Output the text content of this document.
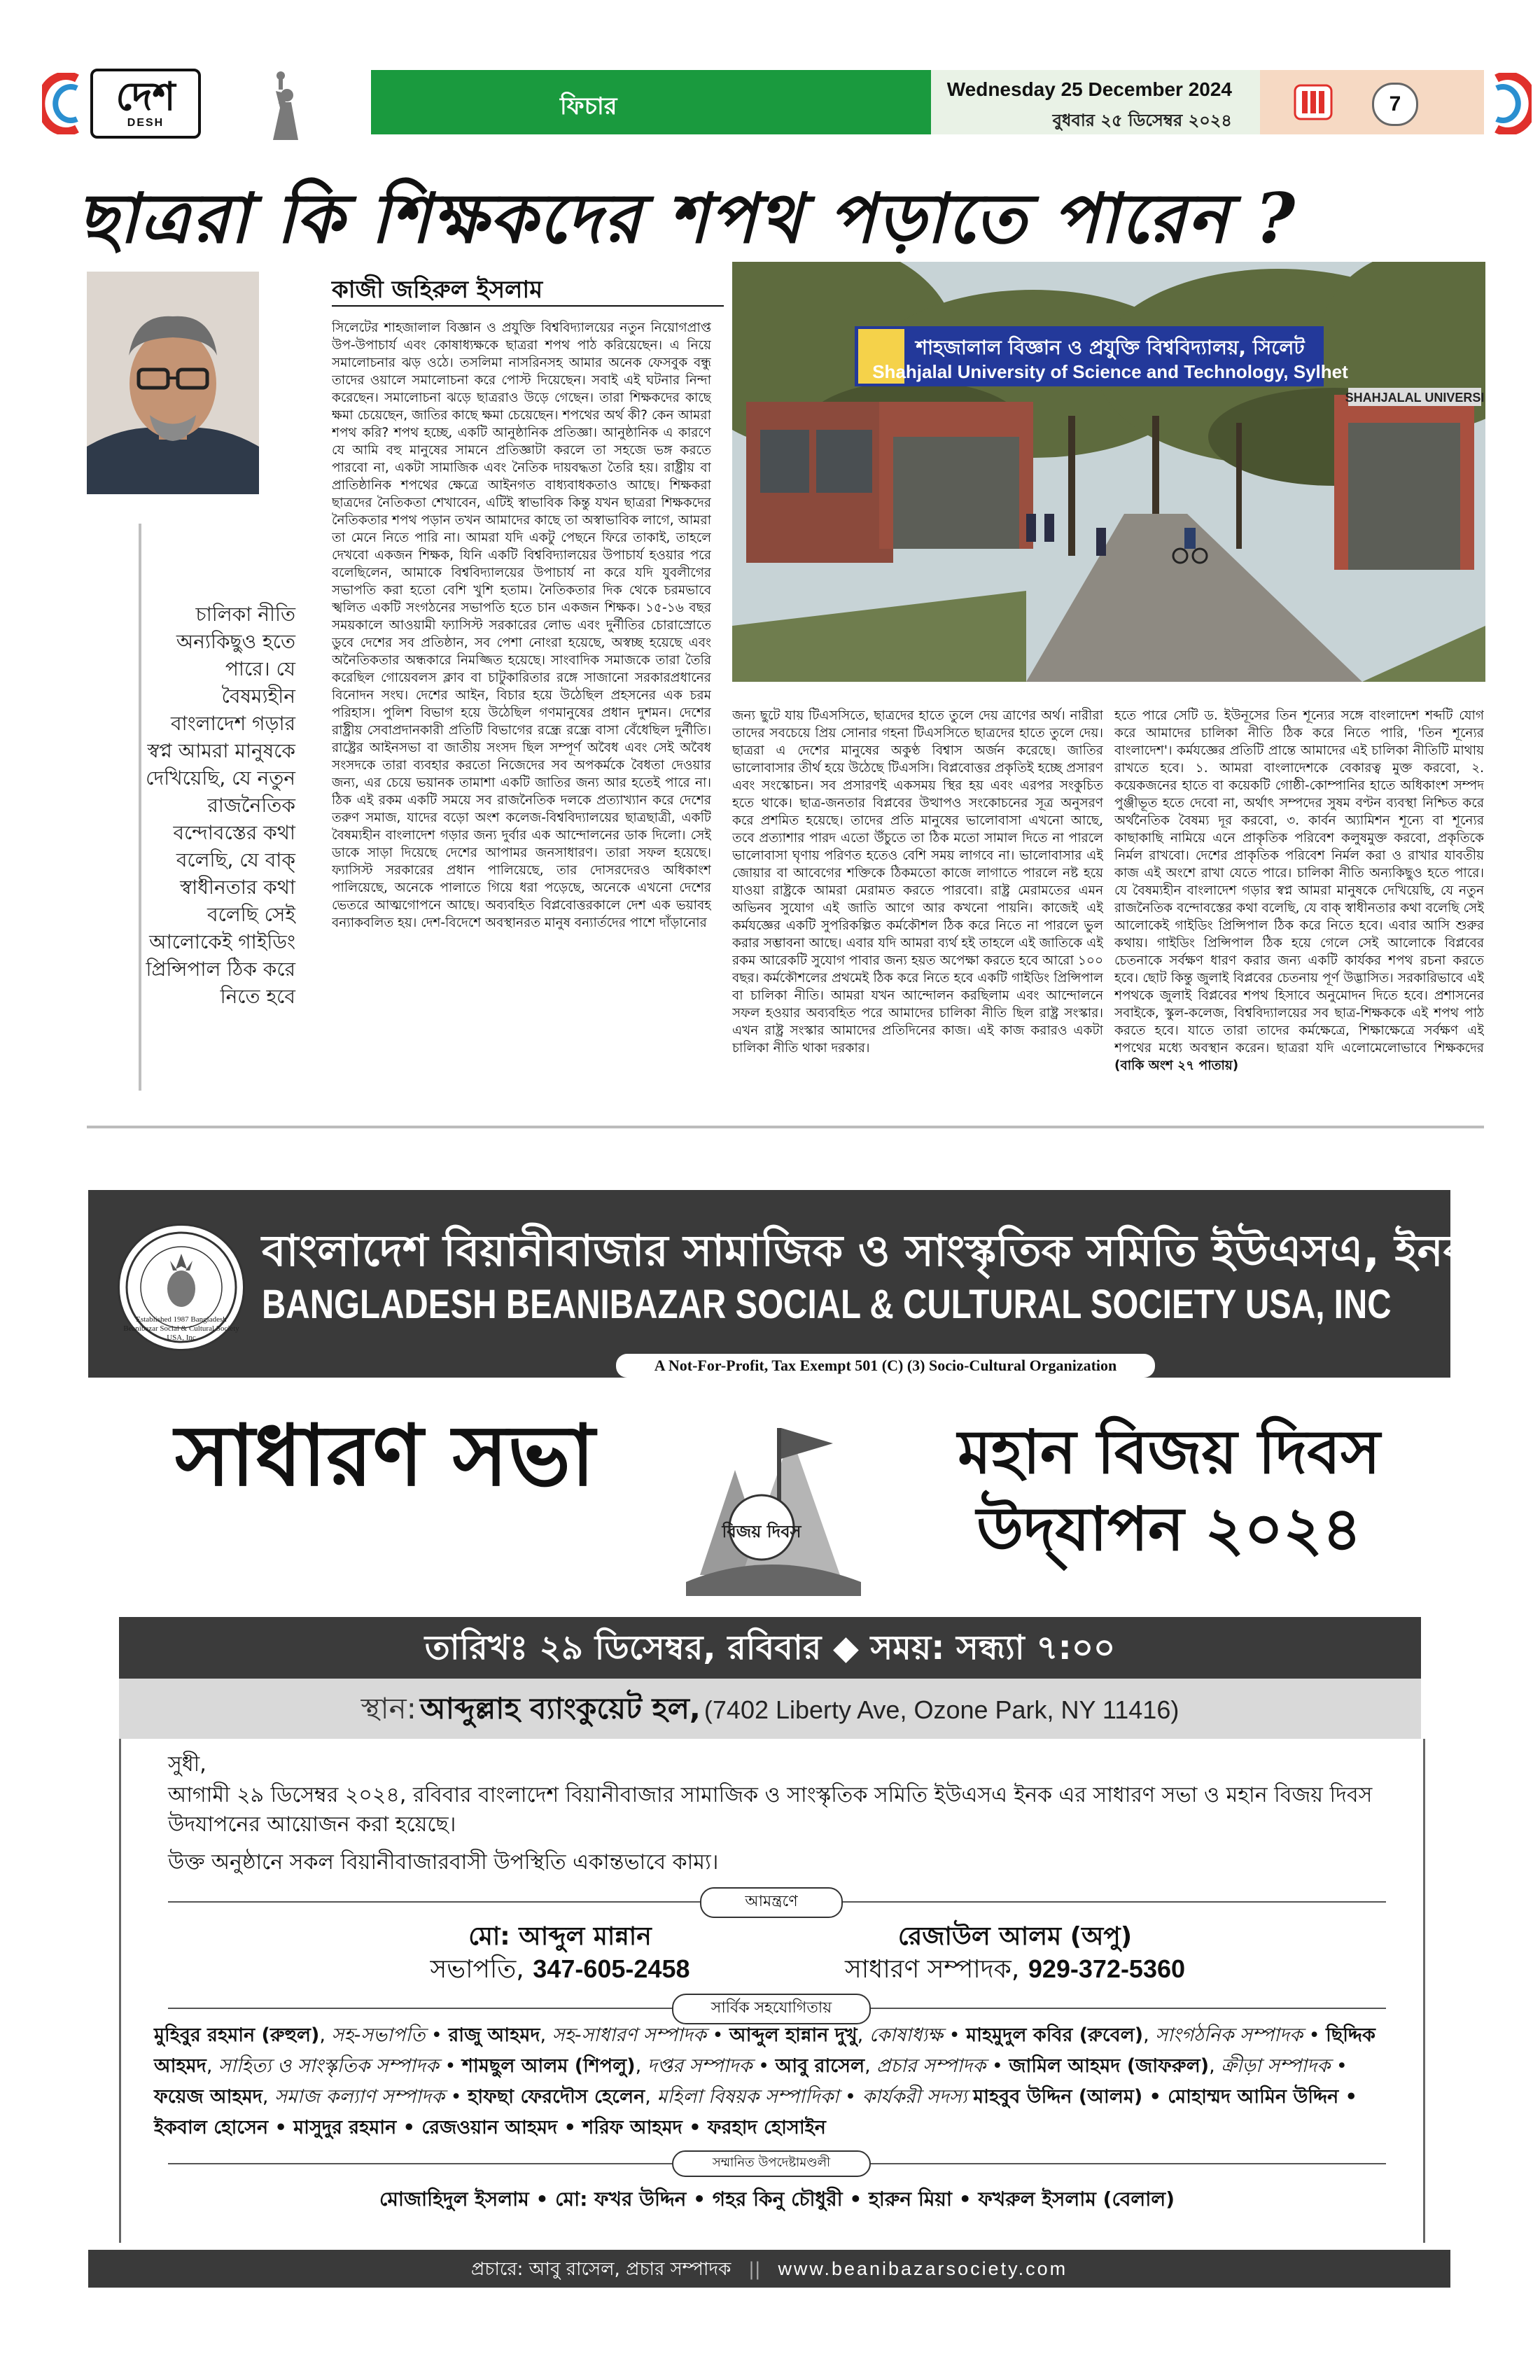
দেশ
DESH
ফিচার
Wednesday 25 December 2024
বুধবার ২৫ ডিসেম্বর ২০২৪
7
ছাত্ররা কি শিক্ষকদের শপথ পড়াতে পারেন ?
কাজী জহিরুল ইসলাম
চালিকা নীতি অন্যকিছুও হতে পারে। যে বৈষম্যহীন বাংলাদেশ গড়ার স্বপ্ন আমরা মানুষকে দেখিয়েছি, যে নতুন রাজনৈতিক বন্দোবস্তের কথা বলেছি, যে বাক্ স্বাধীনতার কথা বলেছি সেই আলোকেই গাইডিং প্রিন্সিপাল ঠিক করে নিতে হবে
সিলেটের শাহজালাল বিজ্ঞান ও প্রযুক্তি বিশ্ববিদ্যালয়ের নতুন নিয়োগপ্রাপ্ত উপ-উপাচার্য এবং কোষাধ্যক্ষকে ছাত্ররা শপথ পাঠ করিয়েছেন। এ নিয়ে সমালোচনার ঝড় ওঠে। তসলিমা নাসরিনসহ আমার অনেক ফেসবুক বন্ধু তাদের ওয়ালে সমালোচনা করে পোস্ট দিয়েছেন। সবাই এই ঘটনার নিন্দা করেছেন। সমালোচনা ঝড়ে ছাত্ররাও উড়ে গেছেন। তারা শিক্ষকদের কাছে ক্ষমা চেয়েছেন, জাতির কাছে ক্ষমা চেয়েছেন। শপথের অর্থ কী? কেন আমরা শপথ করি? শপথ হচ্ছে, একটি আনুষ্ঠানিক প্রতিজ্ঞা। আনুষ্ঠানিক এ কারণে যে আমি বহু মানুষের সামনে প্রতিজ্ঞাটা করলে তা সহজে ভঙ্গ করতে পারবো না, একটা সামাজিক এবং নৈতিক দায়বদ্ধতা তৈরি হয়। রাষ্ট্রীয় বা প্রাতিষ্ঠানিক শপথের ক্ষেত্রে আইনগত বাধ্যবাধকতাও আছে। শিক্ষকরা ছাত্রদের নৈতিকতা শেখাবেন, এটিই স্বাভাবিক কিন্তু যখন ছাত্ররা শিক্ষকদের নৈতিকতার শপথ পড়ান তখন আমাদের কাছে তা অস্বাভাবিক লাগে, আমরা তা মেনে নিতে পারি না। আমরা যদি একটু পেছনে ফিরে তাকাই, তাহলে দেখবো একজন শিক্ষক, যিনি একটি বিশ্ববিদ্যালয়ের উপাচার্য হওয়ার পরে বলেছিলেন, আমাকে বিশ্ববিদ্যালয়ের উপাচার্য না করে যদি যুবলীগের সভাপতি করা হতো বেশি খুশি হতাম। নৈতিকতার দিক থেকে চরমভাবে স্খলিত একটি সংগঠনের সভাপতি হতে চান একজন শিক্ষক। ১৫-১৬ বছর সময়কালে আওয়ামী ফ্যাসিস্ট সরকারের লোভ এবং দুর্নীতির চোরাস্রোতে ডুবে দেশের সব প্রতিষ্ঠান, সব পেশা নোংরা হয়েছে, অস্বচ্ছ হয়েছে এবং অনৈতিকতার অন্ধকারে নিমজ্জিত হয়েছে। সাংবাদিক সমাজকে তারা তৈরি করেছিল গোয়েবলস ক্লাব বা চাটুকারিতার রঙ্গে সাজানো সরকারপ্রধানের বিনোদন সংঘ। দেশের আইন, বিচার হয়ে উঠেছিল প্রহসনের এক চরম পরিহাস। পুলিশ বিভাগ হয়ে উঠেছিল গণমানুষের প্রধান দুশমন। দেশের রাষ্ট্রীয় সেবাপ্রদানকারী প্রতিটি বিভাগের রন্ধ্রে রন্ধ্রে বাসা বেঁধেছিল দুর্নীতি। রাষ্ট্রের আইনসভা বা জাতীয় সংসদ ছিল সম্পূর্ণ অবৈধ এবং সেই অবৈধ সংসদকে তারা ব্যবহার করতো নিজেদের সব অপকর্মকে বৈধতা দেওয়ার জন্য, এর চেয়ে ভয়ানক তামাশা একটি জাতির জন্য আর হতেই পারে না। ঠিক এই রকম একটি সময়ে সব রাজনৈতিক দলকে প্রত্যাখ্যান করে দেশের তরুণ সমাজ, যাদের বড়ো অংশ কলেজ-বিশ্ববিদ্যালয়ের ছাত্রছাত্রী, একটি বৈষম্যহীন বাংলাদেশ গড়ার জন্য দুর্বার এক আন্দোলনের ডাক দিলো। সেই ডাকে সাড়া দিয়েছে দেশের আপামর জনসাধারণ। তারা সফল হয়েছে। ফ্যাসিস্ট সরকারের প্রধান পালিয়েছে, তার দোসরদেরও অধিকাংশ পালিয়েছে, অনেকে পালাতে গিয়ে ধরা পড়েছে, অনেকে এখনো দেশের ভেতরে আত্মগোপনে আছে। অব্যবহিত বিপ্লবোত্তরকালে দেশ এক ভয়াবহ বন্যাকবলিত হয়। দেশ-বিদেশে অবস্থানরত মানুষ বন্যার্তদের পাশে দাঁড়ানোর
শাহজালাল বিজ্ঞান ও প্রযুক্তি বিশ্ববিদ্যালয়, সিলেট
Shahjalal University of Science and Technology, Sylhet
SHAHJALAL UNIVERSI
জন্য ছুটে যায় টিএসসিতে, ছাত্রদের হাতে তুলে দেয় ত্রাণের অর্থ। নারীরা তাদের সবচেয়ে প্রিয় সোনার গহনা টিএসসিতে ছাত্রদের হাতে তুলে দেয়। ছাত্ররা এ দেশের মানুষের অকুণ্ঠ বিশ্বাস অর্জন করেছে। জাতির ভালোবাসার তীর্থ হয়ে উঠেছে টিএসসি। বিপ্লবোত্তর প্রকৃতিই হচ্ছে প্রসারণ এবং সংস্কোচন। সব প্রসারণই একসময় স্থির হয় এবং এরপর সংকুচিত হতে থাকে। ছাত্র-জনতার বিপ্লবের উত্থাপও সংকোচনের সূত্র অনুসরণ করে প্রশমিত হয়েছে। তাদের প্রতি মানুষের ভালোবাসা এখনো আছে, তবে প্রত্যাশার পারদ এতো উঁচুতে তা ঠিক মতো সামাল দিতে না পারলে ভালোবাসা ঘৃণায় পরিণত হতেও বেশি সময় লাগবে না। ভালোবাসার এই জোয়ার বা আবেগের শক্তিকে ঠিকমতো কাজে লাগাতে পারলে নষ্ট হয়ে যাওয়া রাষ্ট্রকে আমরা মেরামত করতে পারবো। রাষ্ট্র মেরামতের এমন অভিনব সুযোগ এই জাতি আগে আর কখনো পায়নি। কাজেই এই কর্মযজ্ঞের একটি সুপরিকল্পিত কর্মকৌশল ঠিক করে নিতে না পারলে ভুল করার সম্ভাবনা আছে। এবার যদি আমরা ব্যর্থ হই তাহলে এই জাতিকে এই রকম আরেকটি সুযোগ পাবার জন্য হয়ত অপেক্ষা করতে হবে আরো ১০০ বছর। কর্মকৌশলের প্রথমেই ঠিক করে নিতে হবে একটি গাইডিং প্রিন্সিপাল বা চালিকা নীতি। আমরা যখন আন্দোলন করছিলাম এবং আন্দোলনে সফল হওয়ার অব্যবহিত পরে আমাদের চালিকা নীতি ছিল রাষ্ট্র সংস্কার। এখন রাষ্ট্র সংস্কার আমাদের প্রতিদিনের কাজ। এই কাজ করারও একটা চালিকা নীতি থাকা দরকার।
হতে পারে সেটি ড. ইউনূসের তিন শূন্যের সঙ্গে বাংলাদেশ শব্দটি যোগ করে আমাদের চালিকা নীতি ঠিক করে নিতে পারি, 'তিন শূন্যের বাংলাদেশ'। কর্মযজ্ঞের প্রতিটি প্রান্তে আমাদের এই চালিকা নীতিটি মাথায় রাখতে হবে। ১. আমরা বাংলাদেশকে বেকারত্ব মুক্ত করবো, ২. কয়েকজনের হাতে বা কয়েকটি গোষ্ঠী-কোম্পানির হাতে অধিকাংশ সম্পদ পুঞ্জীভূত হতে দেবো না, অর্থাৎ সম্পদের সুষম বণ্টন ব্যবস্থা নিশ্চিত করে অর্থনৈতিক বৈষম্য দূর করবো, ৩. কার্বন অ্যামিশন শূন্যে বা শূন্যের কাছাকাছি নামিয়ে এনে প্রাকৃতিক পরিবেশ কলুষমুক্ত করবো, প্রকৃতিকে নির্মল রাখবো। দেশের প্রাকৃতিক পরিবেশ নির্মল করা ও রাখার যাবতীয় কাজ এই অংশে রাখা যেতে পারে। চালিকা নীতি অন্যকিছুও হতে পারে। যে বৈষম্যহীন বাংলাদেশ গড়ার স্বপ্ন আমরা মানুষকে দেখিয়েছি, যে নতুন রাজনৈতিক বন্দোবস্তের কথা বলেছি, যে বাক্ স্বাধীনতার কথা বলেছি সেই আলোকেই গাইডিং প্রিন্সিপাল ঠিক করে নিতে হবে। এবার আসি শুরুর কথায়। গাইডিং প্রিন্সিপাল ঠিক হয়ে গেলে সেই আলোকে বিপ্লবের চেতনাকে সর্বক্ষণ ধারণ করার জন্য একটি কার্যকর শপথ রচনা করতে হবে। ছোট কিন্তু জুলাই বিপ্লবের চেতনায় পূর্ণ উদ্ভাসিত। সরকারিভাবে এই শপথকে জুলাই বিপ্লবের শপথ হিসাবে অনুমোদন দিতে হবে। প্রশাসনের সবাইকে, স্কুল-কলেজ, বিশ্ববিদ্যালয়ের সব ছাত্র-শিক্ষককে এই শপথ পাঠ করতে হবে। যাতে তারা তাদের কর্মক্ষেত্রে, শিক্ষাক্ষেত্রে সর্বক্ষণ এই শপথের মধ্যে অবস্থান করেন। ছাত্ররা যদি এলোমেলোভাবে শিক্ষকদের (বাকি অংশ ২৭ পাতায়)
Established 1987 Bangladesh Beanibazar Social & Cultural Society USA, Inc
বাংলাদেশ বিয়ানীবাজার সামাজিক ও সাংস্কৃতিক সমিতি ইউএসএ, ইনক
BANGLADESH BEANIBAZAR SOCIAL & CULTURAL SOCIETY USA, INC
A Not-For-Profit, Tax Exempt 501 (C) (3) Socio-Cultural Organization
সাধারণ সভা
বিজয় দিবস
মহান বিজয় দিবস
উদ্‌যাপন ২০২৪
তারিখঃ ২৯ ডিসেম্বর, রবিবার ◆ সময়: সন্ধ্যা ৭:০০
স্থান: আব্দুল্লাহ ব্যাংকুয়েট হল, (7402 Liberty Ave, Ozone Park, NY 11416)
সুধী,
আগামী ২৯ ডিসেম্বর ২০২৪, রবিবার বাংলাদেশ বিয়ানীবাজার সামাজিক ও সাংস্কৃতিক সমিতি ইউএসএ ইনক এর সাধারণ সভা ও মহান বিজয় দিবস উদযাপনের আয়োজন করা হয়েছে।
উক্ত অনুষ্ঠানে সকল বিয়ানীবাজারবাসী উপস্থিতি একান্তভাবে কাম্য।
আমন্ত্রণে
মো: আব্দুল মান্নান
সভাপতি, 347-605-2458
রেজাউল আলম (অপু)
সাধারণ সম্পাদক, 929-372-5360
সার্বিক সহযোগিতায়
মুহিবুর রহমান (রুহুল), সহ-সভাপতি • রাজু আহমদ, সহ-সাধারণ সম্পাদক • আব্দুল হান্নান দুখু, কোষাধ্যক্ষ • মাহমুদুল কবির (রুবেল), সাংগঠনিক সম্পাদক • ছিদ্দিক আহমদ, সাহিত্য ও সাংস্কৃতিক সম্পাদক • শামছুল আলম (শিপলু), দপ্তর সম্পাদক • আবু রাসেল, প্রচার সম্পাদক • জামিল আহমদ (জাফরুল), ক্রীড়া সম্পাদক • ফয়েজ আহমদ, সমাজ কল্যাণ সম্পাদক • হাফছা ফেরদৌস হেলেন, মহিলা বিষয়ক সম্পাদিকা • কার্যকরী সদস্য মাহবুব উদ্দিন (আলম) • মোহাম্মদ আমিন উদ্দিন • ইকবাল হোসেন • মাসুদুর রহমান • রেজওয়ান আহমদ • শরিফ আহমদ • ফরহাদ হোসাইন
সম্মানিত উপদেষ্টামণ্ডলী
মোজাহিদুল ইসলাম • মো: ফখর উদ্দিন • গহর কিনু চৌধুরী • হারুন মিয়া • ফখরুল ইসলাম (বেলাল)
প্রচারে: আবু রাসেল, প্রচার সম্পাদক || www.beanibazarsociety.com
